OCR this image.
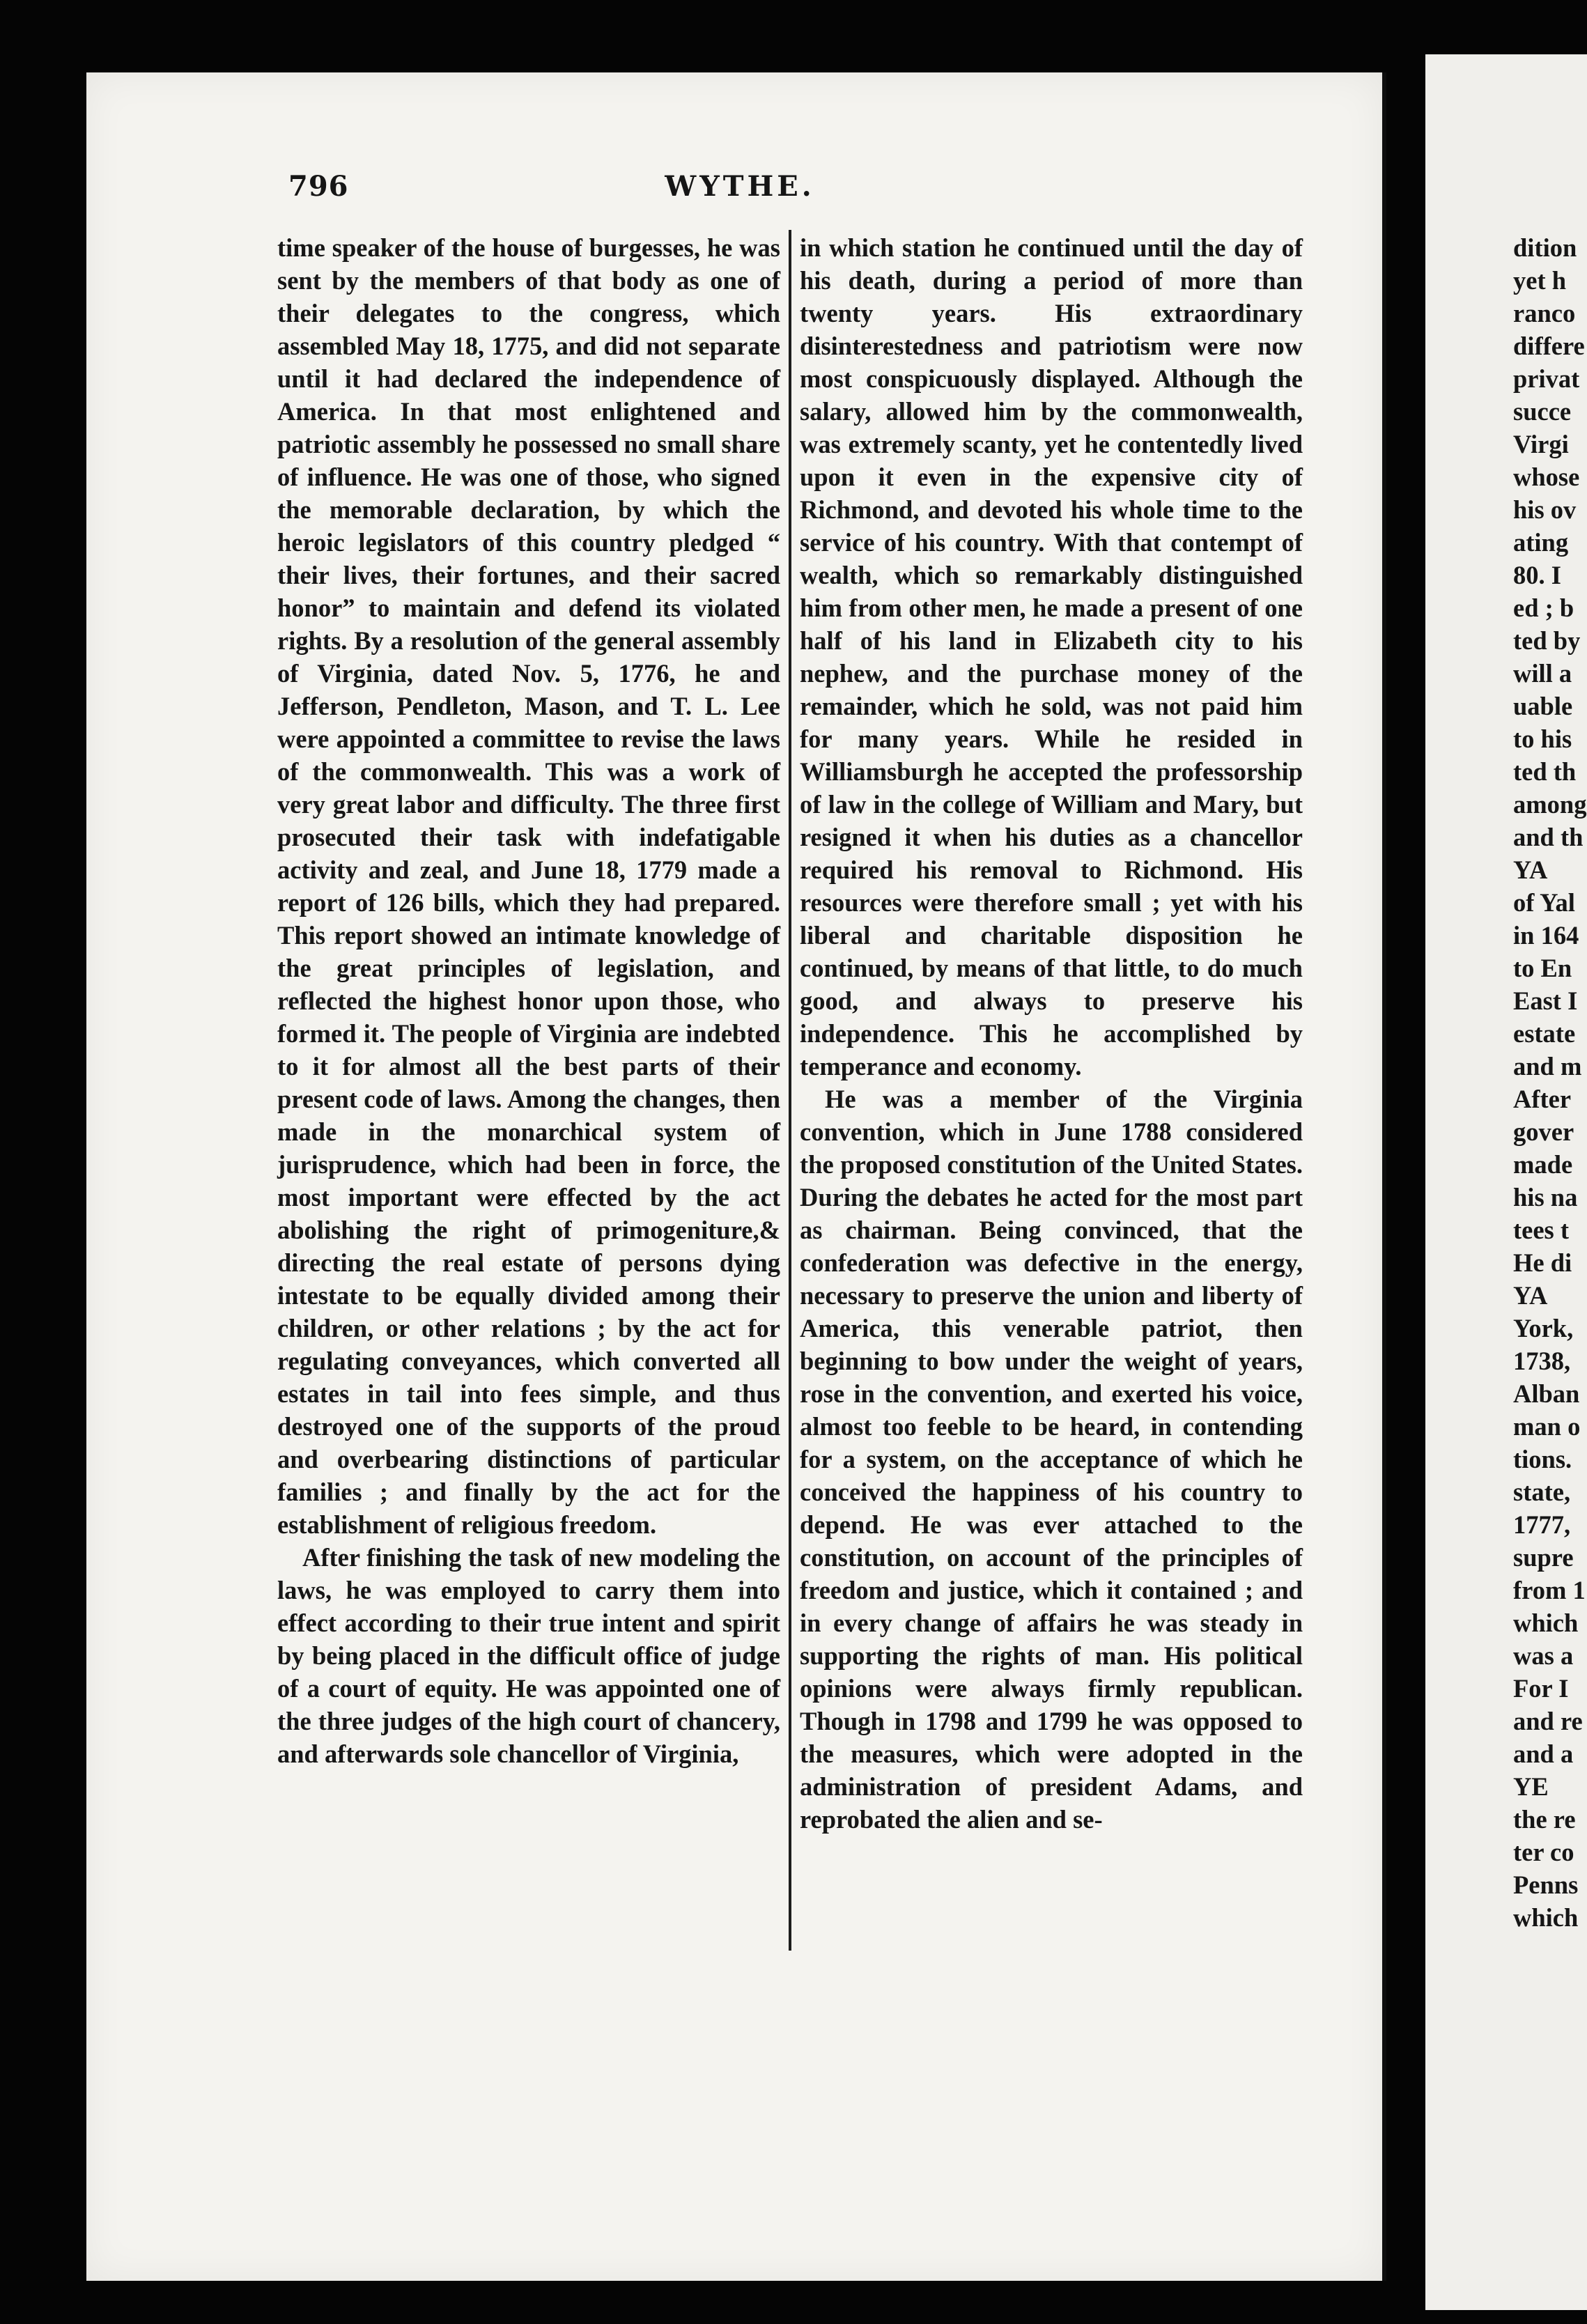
796	WYTHE.

time speaker of the house of burgesses, he was sent by the members of that body as one of their delegates to the congress, which assembled May 18, 1775, and did not separate until it had declared the independence of America. In that most enlightened and patriotic assembly he possessed no small share of influence. He was one of those, who signed the memorable declaration, by which the heroic legislators of this country pledged “ their lives, their fortunes, and their sacred honor” to maintain and defend its violated rights. By a resolution of the general assembly of Virginia, dated Nov. 5, 1776, he and Jefferson, Pendleton, Mason, and T. L. Lee were appointed a committee to revise the laws of the commonwealth. This was a work of very great labor and difficulty. The three first prosecuted their task with indefatigable activity and zeal, and June 18, 1779 made a report of 126 bills, which they had prepared. This report showed an intimate knowledge of the great principles of legislation, and reflected the highest honor upon those, who formed it. The people of Virginia are indebted to it for almost all the best parts of their present code of laws. Among the changes, then made in the monarchical system of jurisprudence, which had been in force, the most important were effected by the act abolishing the right of primogeniture,& directing the real estate of persons dying intestate to be equally divided among their children, or other relations ; by the act for regulating conveyances, which converted all estates in tail into fees simple, and thus destroyed one of the supports of the proud and overbearing distinctions of particular families ; and finally by the act for the establishment of religious freedom.

After finishing the task of new modeling the laws, he was employed to carry them into effect according to their true intent and spirit by being placed in the difficult office of judge of a court of equity. He was appointed one of the three judges of the high court of chancery, and afterwards sole chancellor of Virginia,

in which station he continued until the day of his death, during a period of more than twenty years. His extraordinary disinterestedness and patriotism were now most conspicuously displayed. Although the salary, allowed him by the commonwealth, was extremely scanty, yet he contentedly lived upon it even in the expensive city of Richmond, and devoted his whole time to the service of his country. With that contempt of wealth, which so remarkably distinguished him from other men, he made a present of one half of his land in Elizabeth city to his nephew, and the purchase money of the remainder, which he sold, was not paid him for many years. While he resided in Williamsburgh he accepted the professorship of law in the college of William and Mary, but resigned it when his duties as a chancellor required his removal to Richmond. His resources were therefore small ; yet with his liberal and charitable disposition he continued, by means of that little, to do much good, and always to preserve his independence. This he accomplished by temperance and economy.

He was a member of the Virginia convention, which in June 1788 considered the proposed constitution of the United States. During the debates he acted for the most part as chairman. Being convinced, that the confederation was defective in the energy, necessary to preserve the union and liberty of America, this venerable patriot, then beginning to bow under the weight of years, rose in the convention, and exerted his voice, almost too feeble to be heard, in contending for a system, on the acceptance of which he conceived the happiness of his country to depend. He was ever attached to the constitution, on account of the principles of freedom and justice, which it contained ; and in every change of affairs he was steady in supporting the rights of man. His political opinions were always firmly republican. Though in 1798 and 1799 he was opposed to the measures, which were adopted in the administration of president Adams, and reprobated the alien and se-

dition
yet h
ranco
differe
privat
succe
Virgi
whose
his ov
ating
80. I
ed ; b
ted by
will a
uable
to his
ted th
among
and th
YA
of Yal
in 164
to En
East I
estate
and m
After
gover
made
his na
tees t
He di
YA
York,
1738,
Alban
man o
tions.
state,
1777,
supre
from 1
which
was a
For I
and re
and a
YE
the re
ter co
Penns
which
